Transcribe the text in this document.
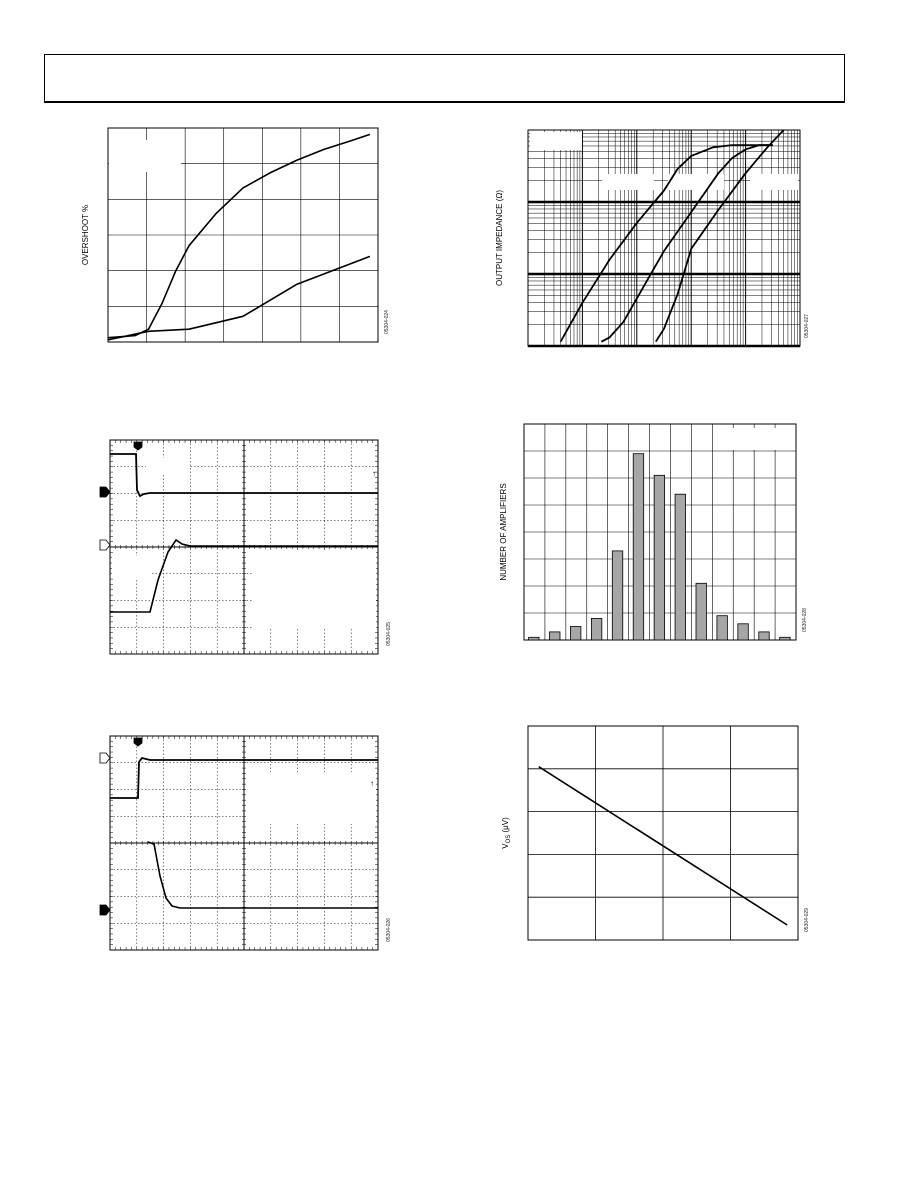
OVERSHOOT %
05304-024
OUTPUT IMPEDANCE (Ω)
05304-027
↑
05304-025
NUMBER OF AMPLIFIERS
05304-028
↑
05304-026
$V_{OS}$ (μV)
05304-029
